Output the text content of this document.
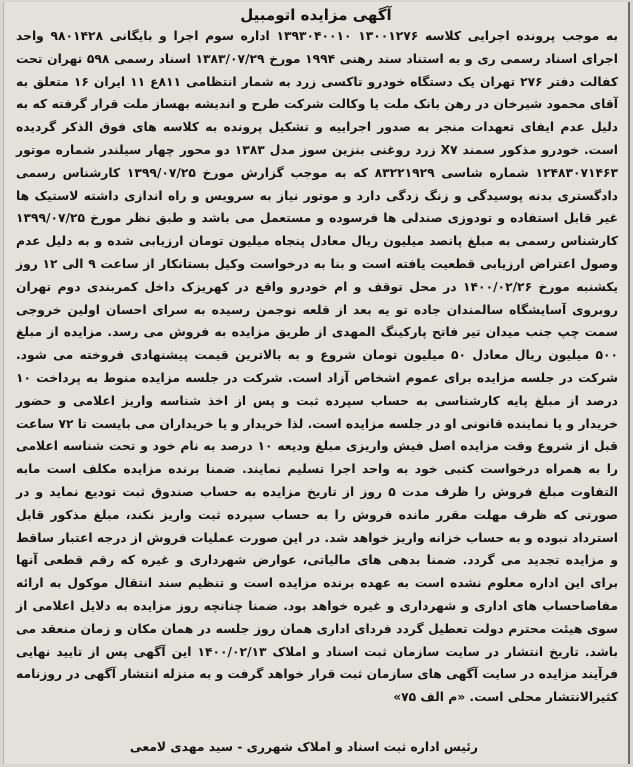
آگهی مزایده اتومبیل
به موجب پرونده اجرایی کلاسه ۱۳۰۰۱۲۷۶ ۱۳۹۳۰۴۰۰۱۰ اداره سوم اجرا و بایگانی ۹۸۰۱۴۲۸ واحد اجرای اسناد رسمی ری و به استناد سند رهنی ۱۹۹۴ مورخ ۱۳۸۳/۰۷/۲۹ اسناد رسمی ۵۹۸ تهران تحت کفالت دفتر ۲۷۶ تهران یک دستگاه خودرو تاکسی زرد به شمار انتظامی ۸۱۱ع ۱۱ ایران ۱۶ متعلق به آقای محمود شیرخان در رهن بانک ملت یا وکالت شرکت طرح و اندیشه بهساز ملت قرار گرفته که به دلیل عدم ایفای تعهدات منجر به صدور اجراییه و تشکیل پرونده به کلاسه های فوق الذکر گردیده است. خودرو مذکور سمند X۷ زرد روغنی بنزین سوز مدل ۱۳۸۳ دو محور چهار سیلندر شماره موتور ۱۲۴۸۳۰۷۱۴۶۳ شماره شاسی ۸۳۲۲۱۹۲۹ که به موجب گزارش مورخ ۱۳۹۹/۰۷/۲۵ کارشناس رسمی دادگستری بدنه پوسیدگی و زنگ زدگی دارد و موتور نیاز به سرویس و راه اندازی داشته لاستیک ها غیر قابل استفاده و تودوزی صندلی ها فرسوده و مستعمل می باشد و طبق نظر مورخ ۱۳۹۹/۰۷/۲۵ کارشناس رسمی به مبلغ پانصد میلیون ریال معادل پنجاه میلیون تومان ارزیابی شده و به دلیل عدم وصول اعتراض ارزیابی قطعیت یافته است و بنا به درخواست وکیل بستانکار از ساعت ۹ الی ۱۲ روز یکشنبه مورخ ۱۴۰۰/۰۲/۲۶ در محل توقف و ام خودرو واقع در کهریزک داخل کمربندی دوم تهران روبروی آسایشگاه سالمندان جاده تو یه بعد از قلعه نوجمن رسیده به سرای احسان اولین خروجی سمت چپ جنب میدان تیر فاتح پارکینگ المهدی از طریق مزایده به فروش می رسد. مزایده از مبلغ ۵۰۰ میلیون ریال معادل ۵۰ میلیون تومان شروع و به بالاترین قیمت پیشنهادی فروخته می شود. شرکت در جلسه مزایده برای عموم اشخاص آزاد است. شرکت در جلسه مزایده منوط به پرداخت ۱۰ درصد از مبلغ پایه کارشناسی به حساب سپرده ثبت و پس از اخذ شناسه واریز اعلامی و حضور خریدار و یا نماینده قانونی او در جلسه مزایده است. لذا خریدار و یا خریداران می بایست تا ۷۲ ساعت قبل از شروع وقت مزایده اصل فیش واریزی مبلغ ودیعه ۱۰ درصد به نام خود و تحت شناسه اعلامی را به همراه درخواست کتبی خود به واحد اجرا تسلیم نمایند. ضمنا برنده مزایده مکلف است مابه التفاوت مبلغ فروش را ظرف مدت ۵ روز از تاریخ مزایده به حساب صندوق ثبت تودیع نماید و در صورتی که ظرف مهلت مقرر مانده فروش را به حساب سپرده ثبت واریز نکند، مبلغ مذکور قابل استرداد نبوده و به حساب خزانه واریز خواهد شد. در این صورت عملیات فروش از درجه اعتبار ساقط و مزایده تجدید می گردد. ضمنا بدهی های مالیاتی، عوارض شهرداری و غیره که رقم قطعی آنها برای این اداره معلوم نشده است به عهده برنده مزایده است و تنظیم سند انتقال موکول به ارائه مفاصاحساب های اداری و شهرداری و غیره خواهد بود. ضمنا چنانچه روز مزایده به دلایل اعلامی از سوی هیئت محترم دولت تعطیل گردد فردای اداری همان روز جلسه در همان مکان و زمان منعقد می باشد. تاریخ انتشار در سایت سازمان ثبت اسناد و املاک ۱۴۰۰/۰۲/۱۳ این آگهی پس از تایید نهایی فرآیند مزایده در سایت آگهی های سازمان ثبت قرار خواهد گرفت و به منزله انتشار آگهی در روزنامه کثیرالانتشار محلی است. «م الف ۷۵»
رئیس اداره ثبت اسناد و املاک شهرری - سید مهدی لامعی
